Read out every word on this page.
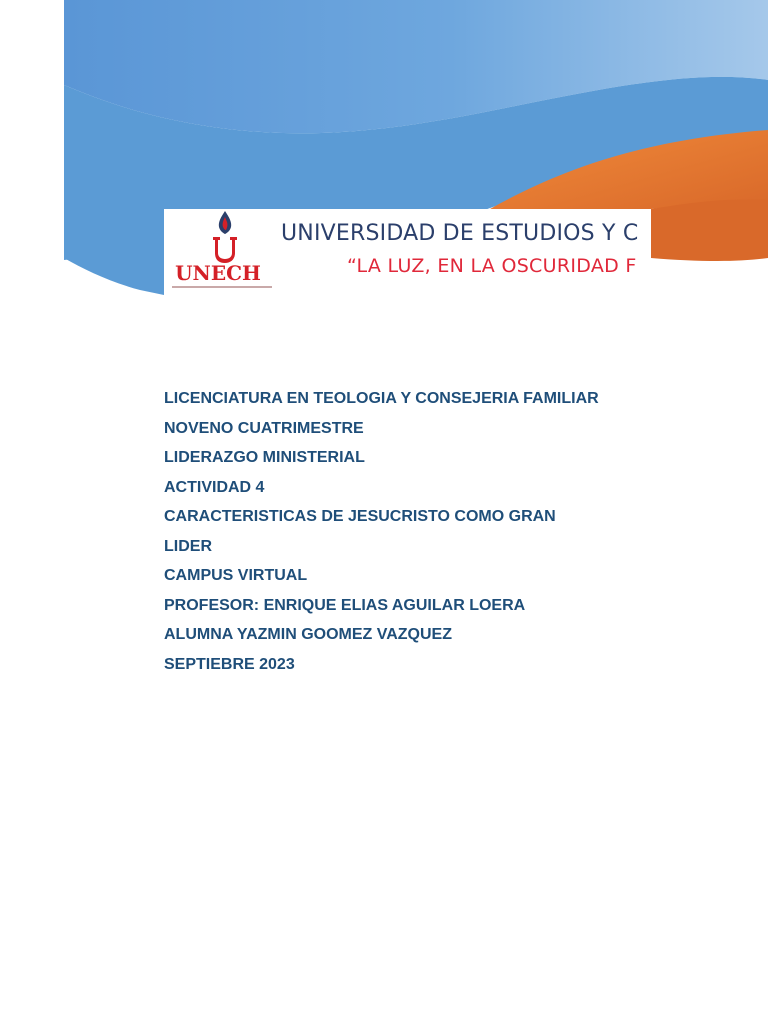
UNECH
UNIVERSIDAD DE ESTUDIOS Y C
“LA LUZ, EN LA OSCURIDAD F
LICENCIATURA EN TEOLOGIA Y CONSEJERIA FAMILIAR
NOVENO CUATRIMESTRE
LIDERAZGO MINISTERIAL
ACTIVIDAD 4
CARACTERISTICAS DE JESUCRISTO COMO GRAN LIDER
CAMPUS VIRTUAL
PROFESOR: ENRIQUE ELIAS AGUILAR LOERA
ALUMNA YAZMIN GOOMEZ VAZQUEZ
SEPTIEBRE 2023
